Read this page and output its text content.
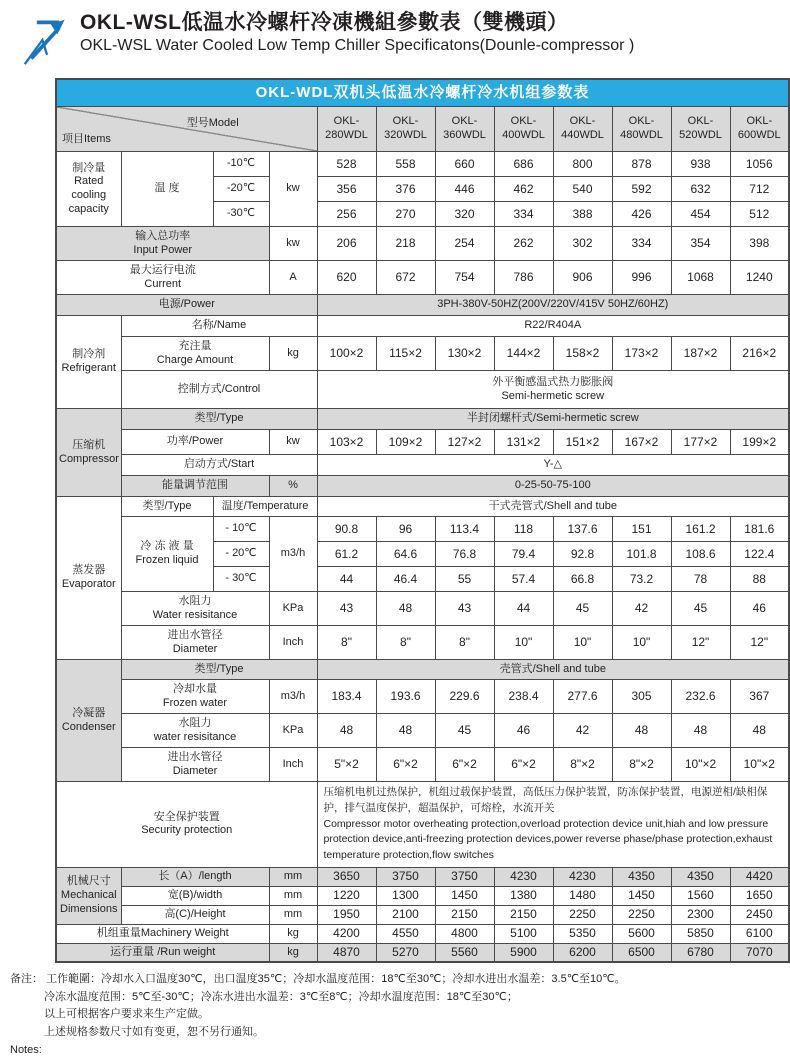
OKL-WSL低温水冷螺杆冷凍機組參數表（雙機頭）
OKL-WSL Water Cooled Low Temp Chiller Specificatons(Dounle-compressor )
OKL-WDL双机头低温水冷螺杆冷水机组参数表											

项目Items
型号Model				OKL-280WDL	OKL-320WDL	OKL-360WDL	OKL-400WDL	OKL-440WDL	OKL-480WDL	OKL-520WDL	OKL-600WDL

制冷量
Rated cooling capacity	温 度	-10℃	kw	528	558	660	686	800	878	938	1056
		-20℃		356	376	446	462	540	592	632	712
		-30℃		256	270	320	334	388	426	454	512

输入总功率
Input Power			kw	206	218	254	262	302	334	354	398

最大运行电流
Current			A	620	672	754	786	906	996	1068	1240
电源/Power				3PH-380V-50HZ(200V/220V/415V 50HZ/60HZ)							

制冷剂
Refrigerant	名称/Name			R22/R404A							

	充注量
Charge Amount		kg	100×2	115×2	130×2	144×2	158×2	173×2	187×2	216×2
	控制方式/Control			外平衡感温式热力膨胀阀
Semi-hermetic screw							

压缩机
Compressor	类型/Type			半封闭螺杆式/Semi-hermetic screw							
	功率/Power		kw	103×2	109×2	127×2	131×2	151×2	167×2	177×2	199×2
	启动方式/Start			Y-△							
	能量调节范围		%	0-25-50-75-100							

蒸发器
Evaporator	类型/Type	温度/Temperature		干式壳管式/Shell and tube							

	冷 冻 液 量
Frozen liquid	- 10℃	m3/h	90.8	96	113.4	118	137.6	151	161.2	181.6
		- 20℃		61.2	64.6	76.8	79.4	92.8	101.8	108.6	122.4
		- 30℃		44	46.4	55	57.4	66.8	73.2	78	88

	水阻力
Water resisitance		KPa	43	48	43	44	45	42	45	46

	进出水管径
Diameter		Inch	8"	8"	8"	10"	10"	10"	12"	12"

冷凝器
Condenser	类型/Type			壳管式/Shell and tube							

	冷却水量
Frozen water		m3/h	183.4	193.6	229.6	238.4	277.6	305	232.6	367

	水阻力
water resisitance		KPa	48	48	45	46	42	48	48	48

	进出水管径
Diameter		Inch	5"×2	6"×2	6"×2	6"×2	8"×2	8"×2	10"×2	10"×2

安全保护装置
Security protection				压缩机电机过热保护，机组过载保护装置，高低压力保护装置，防冻保护装置，电源逆相/缺相保护，排气温度保护，超温保护，可熔栓，水流开关
Compressor motor overheating protection,overload protection device unit,hiah and low pressure protection device,anti-freezing protection devices,power reverse phase/phase protection,exhaust temperature protection,flow switches							

机械尺寸
Mechanical Dimensions	长（A）/length		mm	3650	3750	3750	4230	4230	4350	4350	4420
	宽(B)/width		mm	1220	1300	1450	1380	1480	1450	1560	1650
	高(C)/Height		mm	1950	2100	2150	2150	2250	2250	2300	2450
机组重量Machinery Weight			kg	4200	4550	4800	5100	5350	5600	5850	6100
运行重量 /Run weight			kg	4870	5270	5560	5900	6200	6500	6780	7070
备注： 工作範圍：冷却水入口温度30℃，出口温度35℃；冷却水温度范围：18℃至30℃；冷却水进出水温差：3.5℃至10℃。
冷冻水温度范围：5℃至-30℃；冷冻水进出水温差：3℃至8℃；冷却水温度范围：18℃至30℃；
以上可根据客户要求来生产定做。
上述规格参数尺寸如有变更，恕不另行通知。
Notes:
